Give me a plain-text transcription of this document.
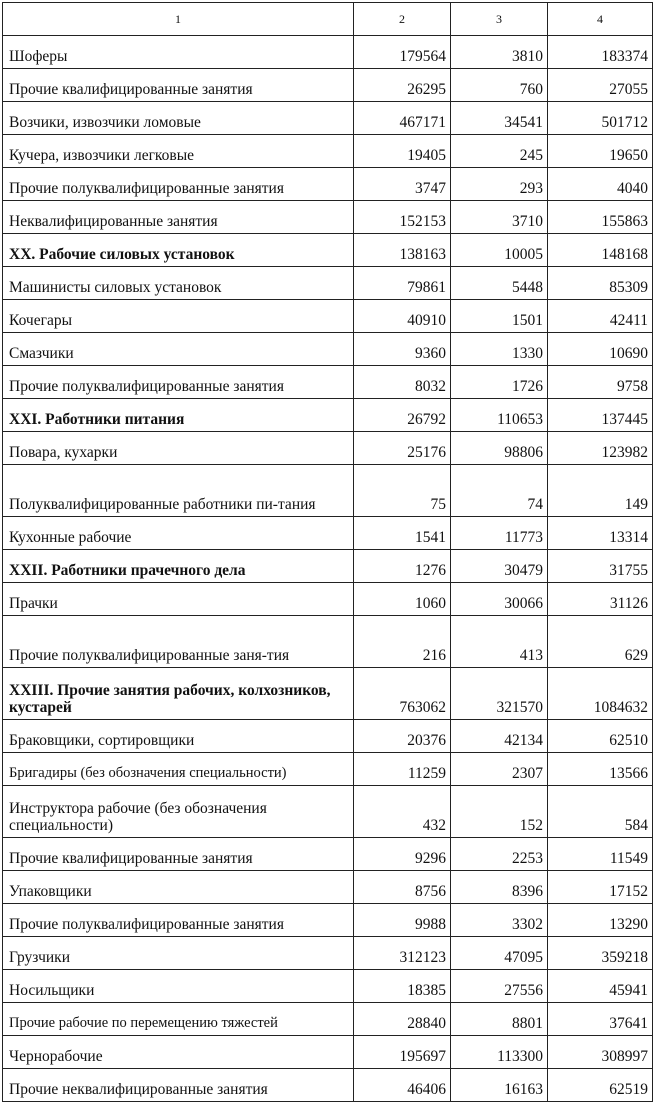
1	2	3	4
Шоферы	179564	3810	183374
Прочие квалифицированные занятия	26295	760	27055
Возчики, извозчики ломовые	467171	34541	501712
Кучера, извозчики легковые	19405	245	19650
Прочие полуквалифицированные занятия	3747	293	4040
Неквалифицированные занятия	152153	3710	155863
XX. Рабочие силовых установок	138163	10005	148168
Машинисты силовых установок	79861	5448	85309
Кочегары	40910	1501	42411
Смазчики	9360	1330	10690
Прочие полуквалифицированные занятия	8032	1726	9758
XXI. Работники питания	26792	110653	137445
Повара, кухарки	25176	98806	123982
Полуквалифицированные работники пи-тания	75	74	149
Кухонные рабочие	1541	11773	13314
XXII. Работники прачечного дела	1276	30479	31755
Прачки	1060	30066	31126
Прочие полуквалифицированные заня-тия	216	413	629
XXIII. Прочие занятия рабочих, колхозников, кустарей	763062	321570	1084632
Браковщики, сортировщики	20376	42134	62510
Бригадиры (без обозначения специальности)	11259	2307	13566
Инструктора рабочие (без обозначения специальности)	432	152	584
Прочие квалифицированные занятия	9296	2253	11549
Упаковщики	8756	8396	17152
Прочие полуквалифицированные занятия	9988	3302	13290
Грузчики	312123	47095	359218
Носильщики	18385	27556	45941
Прочие рабочие по перемещению тяжестей	28840	8801	37641
Чернорабочие	195697	113300	308997
Прочие неквалифицированные занятия	46406	16163	62519
